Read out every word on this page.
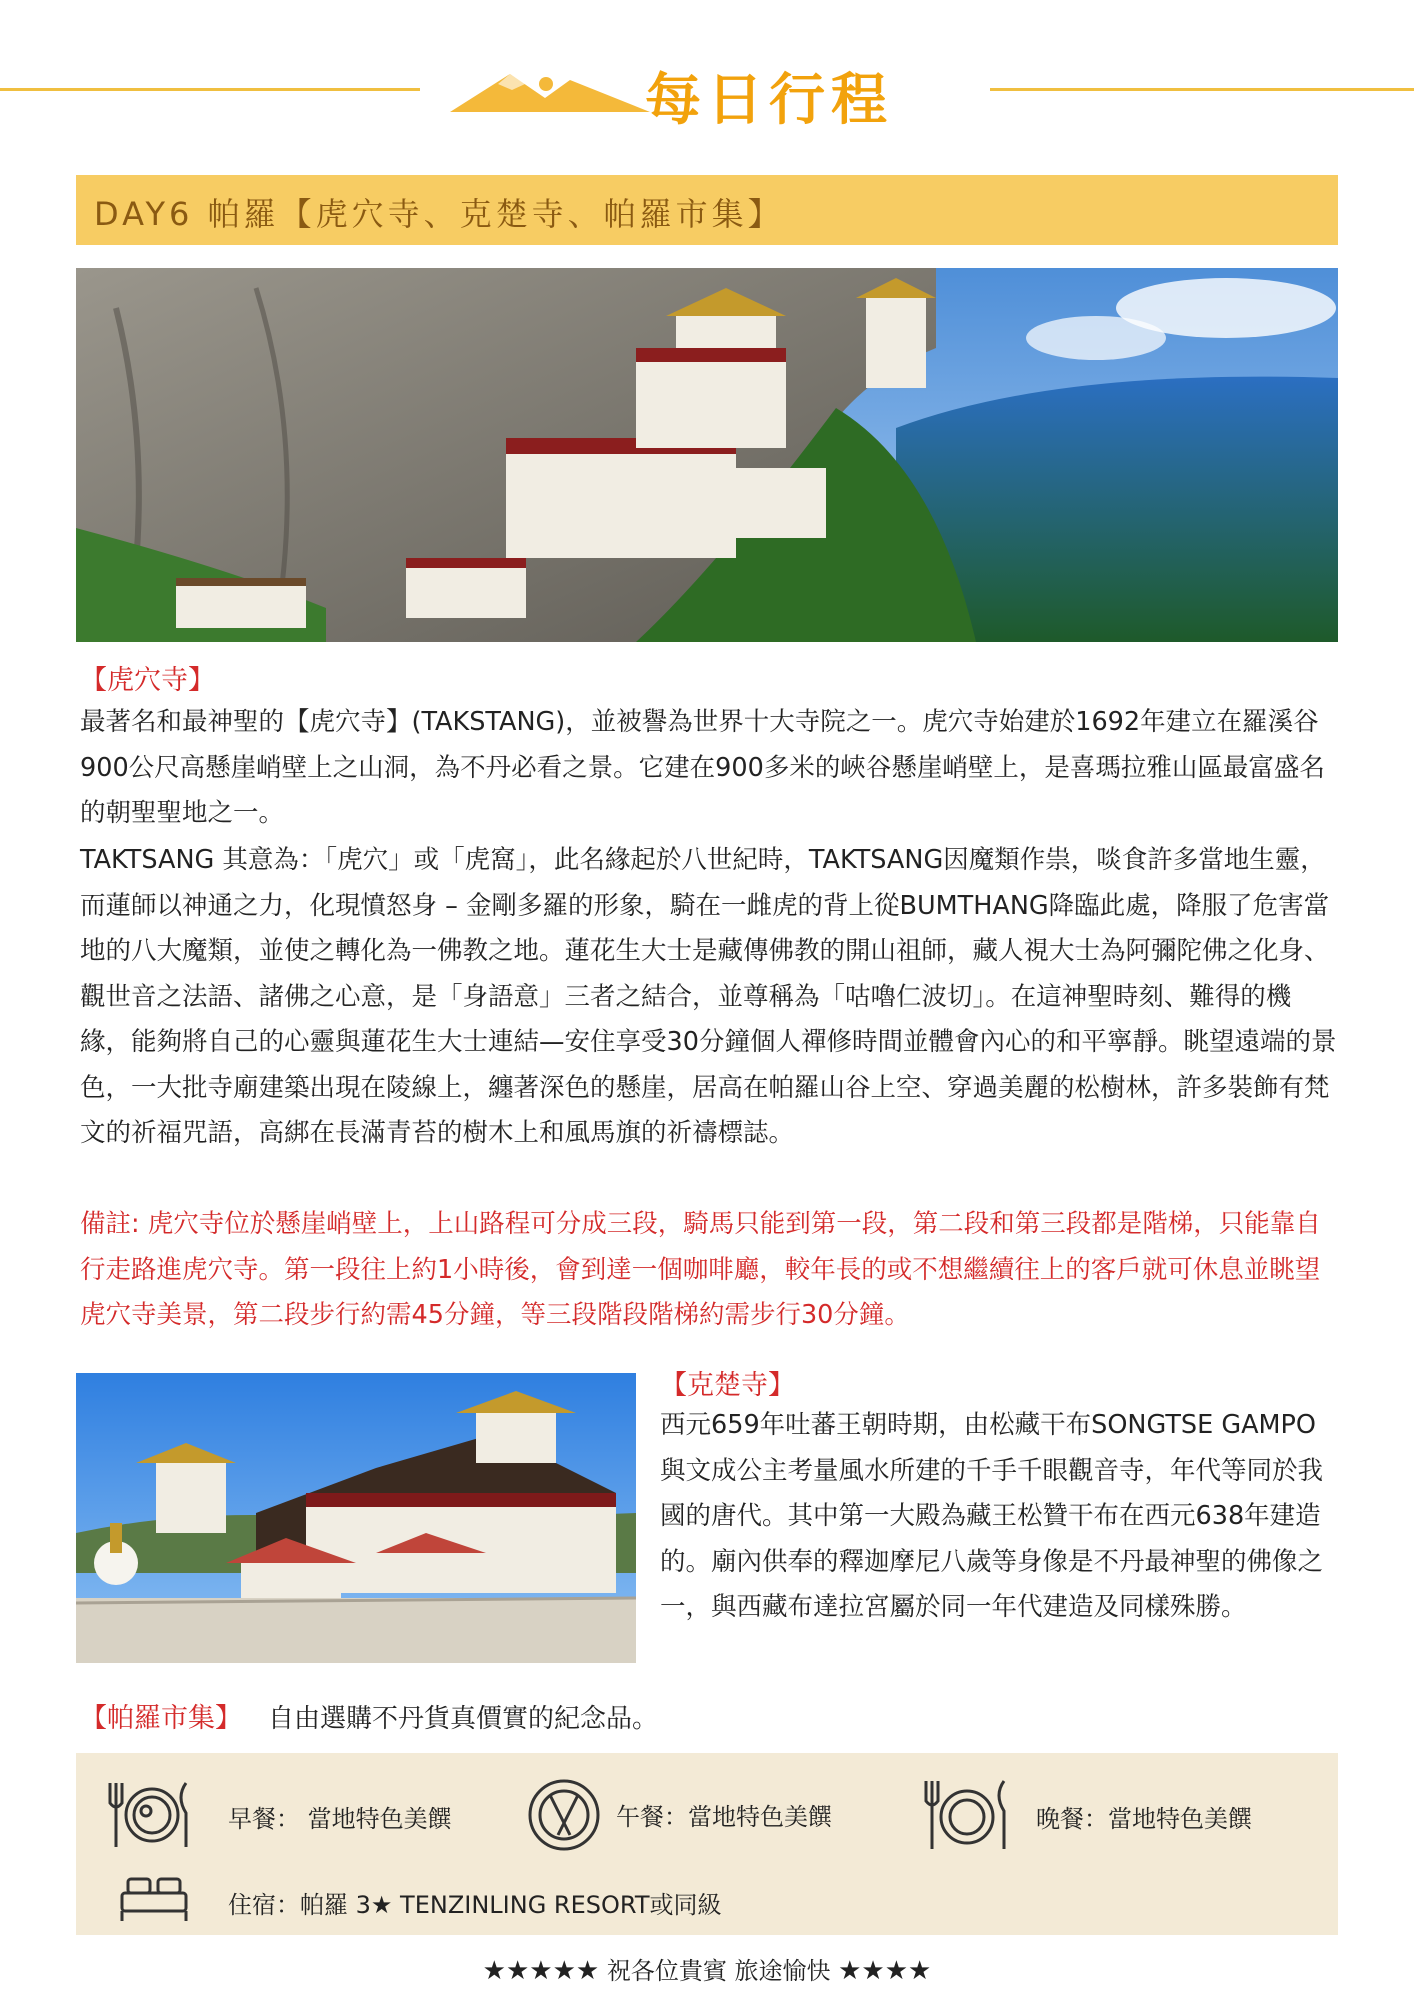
每日行程
DAY6 帕羅【虎穴寺、克楚寺、帕羅市集】
【虎穴寺】

最著名和最神聖的【虎穴寺】(TAKSTANG)，並被譽為世界十大寺院之一。虎穴寺始建於1692年建立在羅溪谷900公尺高懸崖峭壁上之山洞，為不丹必看之景。它建在900多米的峽谷懸崖峭壁上，是喜瑪拉雅山區最富盛名的朝聖聖地之一。

TAKTSANG 其意為：「虎穴」或「虎窩」，此名緣起於八世紀時，TAKTSANG因魔類作祟，啖食許多當地生靈，而蓮師以神通之力，化現憤怒身 – 金剛多羅的形象，騎在一雌虎的背上從BUMTHANG降臨此處，降服了危害當地的八大魔類，並使之轉化為一佛教之地。蓮花生大士是藏傳佛教的開山祖師，藏人視大士為阿彌陀佛之化身、觀世音之法語、諸佛之心意，是「身語意」三者之結合，並尊稱為「咕嚕仁波切」。在這神聖時刻、難得的機緣，能夠將自己的心靈與蓮花生大士連結—安住享受30分鐘個人禪修時間並體會內心的和平寧靜。眺望遠端的景色，一大批寺廟建築出現在陵線上，纏著深色的懸崖，居高在帕羅山谷上空、穿過美麗的松樹林，許多裝飾有梵文的祈福咒語，高綁在長滿青苔的樹木上和風馬旗的祈禱標誌。

備註: 虎穴寺位於懸崖峭壁上，上山路程可分成三段，騎馬只能到第一段，第二段和第三段都是階梯，只能靠自行走路進虎穴寺。第一段往上約1小時後，會到達一個咖啡廳，較年長的或不想繼續往上的客戶就可休息並眺望虎穴寺美景，第二段步行約需45分鐘，等三段階段階梯約需步行30分鐘。

【克楚寺】

西元659年吐蕃王朝時期，由松藏干布SONGTSE GAMPO與文成公主考量風水所建的千手千眼觀音寺，年代等同於我國的唐代。其中第一大殿為藏王松贊干布在西元638年建造的。廟內供奉的釋迦摩尼八歲等身像是不丹最神聖的佛像之一，與西藏布達拉宮屬於同一年代建造及同樣殊勝。

【帕羅市集】 自由選購不丹貨真價實的紀念品。
早餐： 當地特色美饌	午餐：當地特色美饌	晚餐：當地特色美饌
住宿：帕羅 3★ TENZINLING RESORT或同級
★★★★★ 祝各位貴賓 旅途愉快 ★★★★
